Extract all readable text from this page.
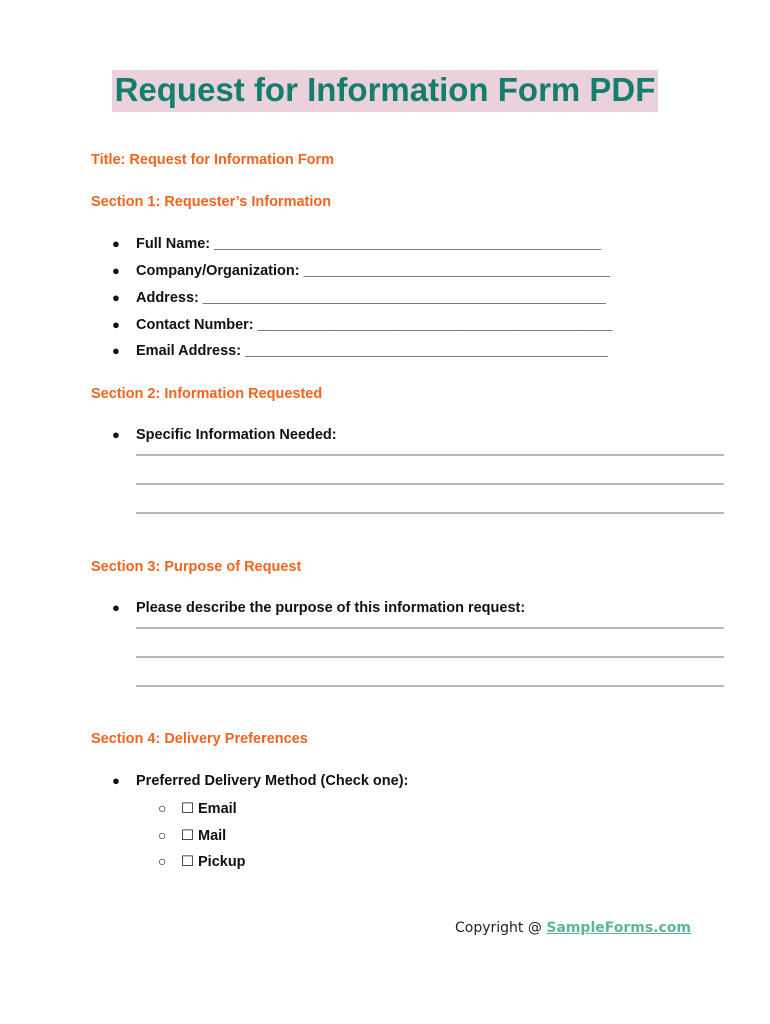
Request for Information Form PDF
Title: Request for Information Form
Section 1: Requester’s Information
● Full Name: ________________________________________________
● Company/Organization: ______________________________________
● Address: __________________________________________________
● Contact Number: ____________________________________________
● Email Address: _____________________________________________
Section 2: Information Requested
● Specific Information Needed:
Section 3: Purpose of Request
● Please describe the purpose of this information request:
Section 4: Delivery Preferences
● Preferred Delivery Method (Check one):
○ ☐ Email
○ ☐ Mail
○ ☐ Pickup
Copyright @ SampleForms.com
